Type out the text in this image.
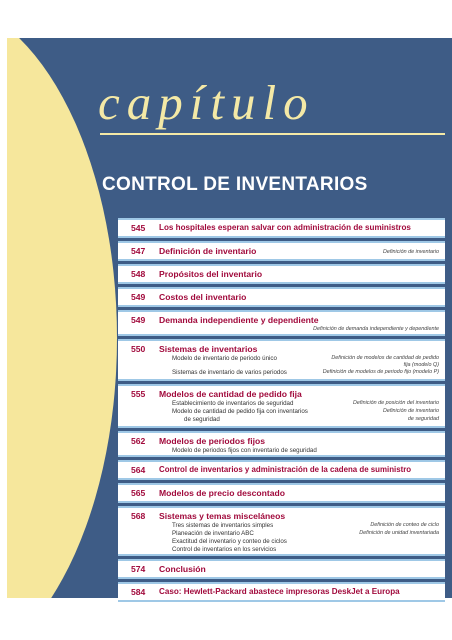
capítulo
CONTROL DE INVENTARIOS
545 Los hospitales esperan salvar con administración de suministros
547 Definición de inventario	Definición de inventario
548 Propósitos del inventario
549 Costos del inventario
549 Demanda independiente y dependiente
Definición de demanda independiente y dependiente
550 Sistemas de inventarios
Modelo de inventario de periodo único
Sistemas de inventario de varios periodos
Definición de modelos de cantidad de pedido
fija (modelo Q)
Definición de modelos de periodo fijo (modelo P)
555 Modelos de cantidad de pedido fija
Establecimiento de inventarios de seguridad
Modelo de cantidad de pedido fija con inventarios
de seguridad
Definición de posición del inventario
Definición de inventario
de seguridad
562 Modelos de periodos fijos
Modelo de periodos fijos con inventario de seguridad
564 Control de inventarios y administración de la cadena de suministro
565 Modelos de precio descontado
568 Sistemas y temas misceláneos
Tres sistemas de inventarios simples
Planeación de inventario ABC
Exactitud del inventario y conteo de ciclos
Control de inventarios en los servicios
Definición de conteo de ciclo
Definición de unidad inventariada
574 Conclusión
584 Caso: Hewlett-Packard abastece impresoras DeskJet a Europa
